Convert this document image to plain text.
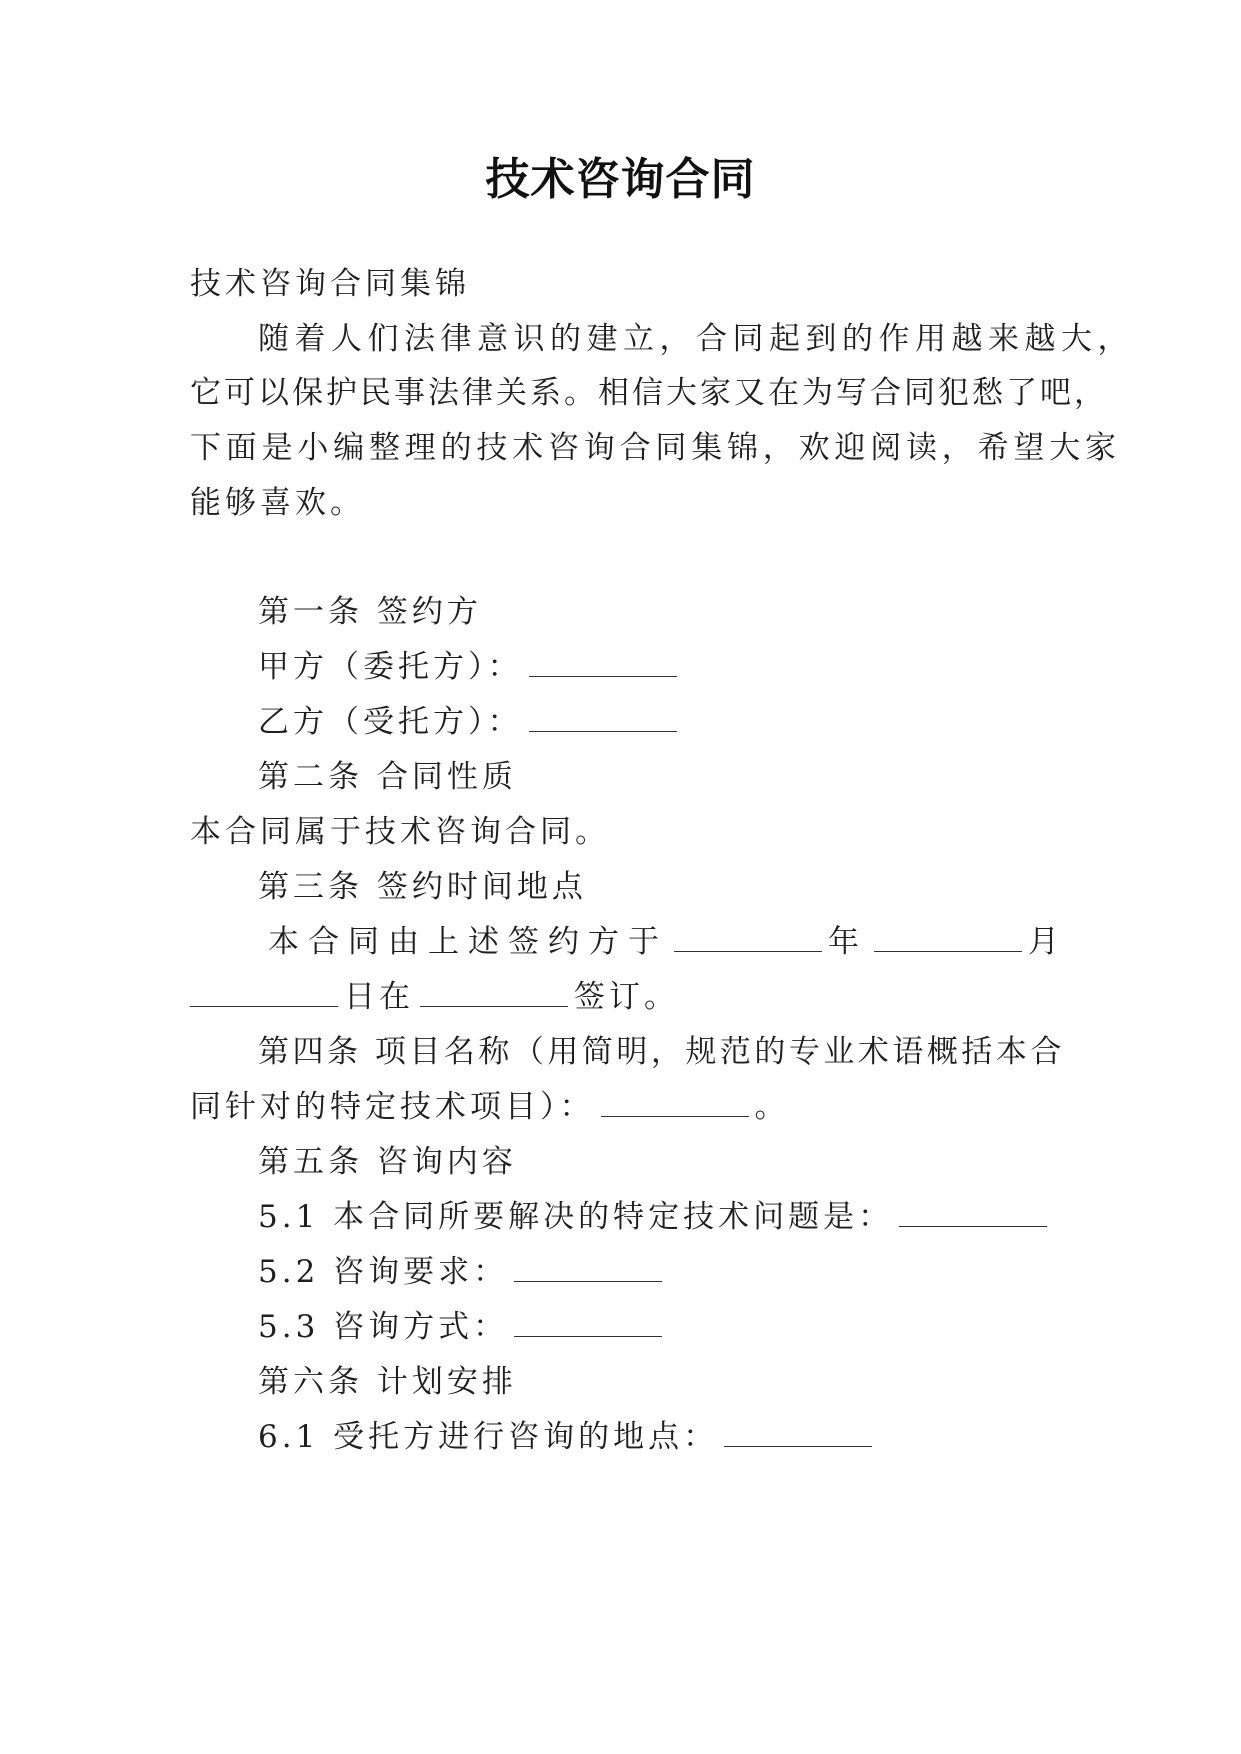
技术咨询合同
技术咨询合同集锦
随着人们法律意识的建立，合同起到的作用越来越大，
它可以保护民事法律关系。相信大家又在为写合同犯愁了吧，
下面是小编整理的技术咨询合同集锦，欢迎阅读，希望大家
能够喜欢。
第一条 签约方
甲方（委托方）：
乙方（受托方）：
第二条 合同性质
本合同属于技术咨询合同。
第三条 签约时间地点
本合同由上述签约方于	年	月
日在	签订。
第四条 项目名称（用简明，规范的专业术语概括本合
同针对的特定技术项目）：	。
第五条 咨询内容
5.1 本合同所要解决的特定技术问题是：
5.2 咨询要求：
5.3 咨询方式：
第六条 计划安排
6.1 受托方进行咨询的地点：
